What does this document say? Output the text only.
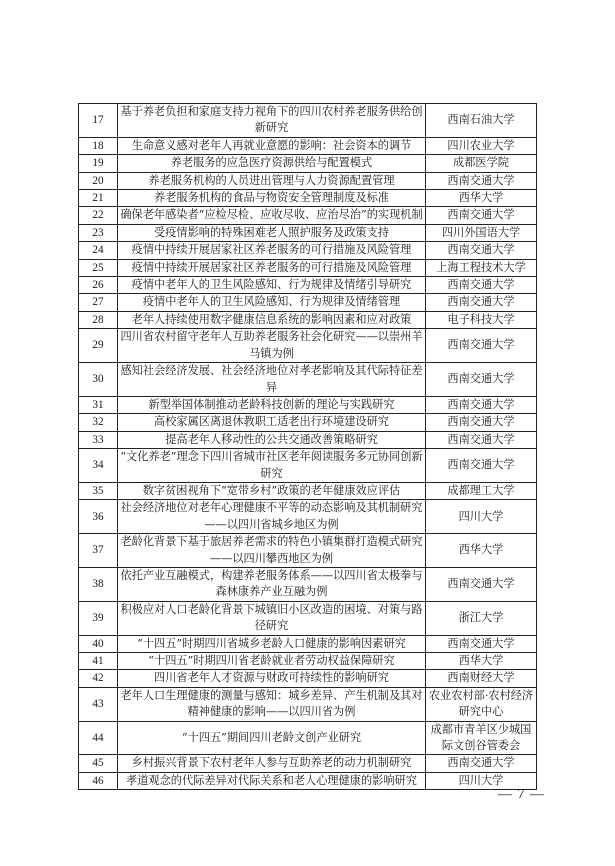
17	基于养老负担和家庭支持力视角下的四川农村养老服务供给创新研究	西南石油大学
18	生命意义感对老年人再就业意愿的影响：社会资本的调节	四川农业大学
19	养老服务的应急医疗资源供给与配置模式	成都医学院
20	养老服务机构的人员进出管理与人力资源配置管理	西南交通大学
21	养老服务机构的食品与物资安全管理制度及标准	西华大学
22	确保老年感染者“应检尽检、应收尽收、应治尽治”的实现机制	西南交通大学
23	受疫情影响的特殊困难老人照护服务及政策支持	四川外国语大学
24	疫情中持续开展居家社区养老服务的可行措施及风险管理	西南交通大学
25	疫情中持续开展居家社区养老服务的可行措施及风险管理	上海工程技术大学
26	疫情中老年人的卫生风险感知、行为规律及情绪引导研究	西南交通大学
27	疫情中老年人的卫生风险感知、行为规律及情绪管理	西南交通大学
28	老年人持续使用数字健康信息系统的影响因素和应对政策	电子科技大学
29	四川省农村留守老年人互助养老服务社会化研究——以崇州羊马镇为例	西南交通大学
30	感知社会经济发展、社会经济地位对孝老影响及其代际特征差异	西南交通大学
31	新型举国体制推动老龄科技创新的理论与实践研究	西南交通大学
32	高校家属区离退休教职工适老出行环境建设研究	西南交通大学
33	提高老年人移动性的公共交通改善策略研究	西南交通大学
34	“文化养老”理念下四川省城市社区老年阅读服务多元协同创新研究	西南交通大学
35	数字贫困视角下“宽带乡村”政策的老年健康效应评估	成都理工大学
36	社会经济地位对老年心理健康不平等的动态影响及其机制研究——以四川省城乡地区为例	四川大学
37	老龄化背景下基于旅居养老需求的特色小镇集群打造模式研究——以四川攀西地区为例	西华大学
38	依托产业互融模式，构建养老服务体系——以四川省太极拳与森林康养产业互融为例	西南交通大学
39	积极应对人口老龄化背景下城镇旧小区改造的困境、对策与路径研究	浙江大学
40	“十四五”时期四川省城乡老龄人口健康的影响因素研究	西南交通大学
41	“十四五”时期四川省老龄就业者劳动权益保障研究	西华大学
42	四川省老年人才资源与财政可持续性的影响研究	西南财经大学
43	老年人口生理健康的测量与感知：城乡差异、产生机制及其对精神健康的影响——以四川省为例	农业农村部·农村经济研究中心
44	“十四五”期间四川老龄文创产业研究	成都市青羊区少城国际文创谷管委会
45	乡村振兴背景下农村老年人参与互助养老的动力机制研究	西南交通大学
46	孝道观念的代际差异对代际关系和老人心理健康的影响研究	四川大学
— 7 —
